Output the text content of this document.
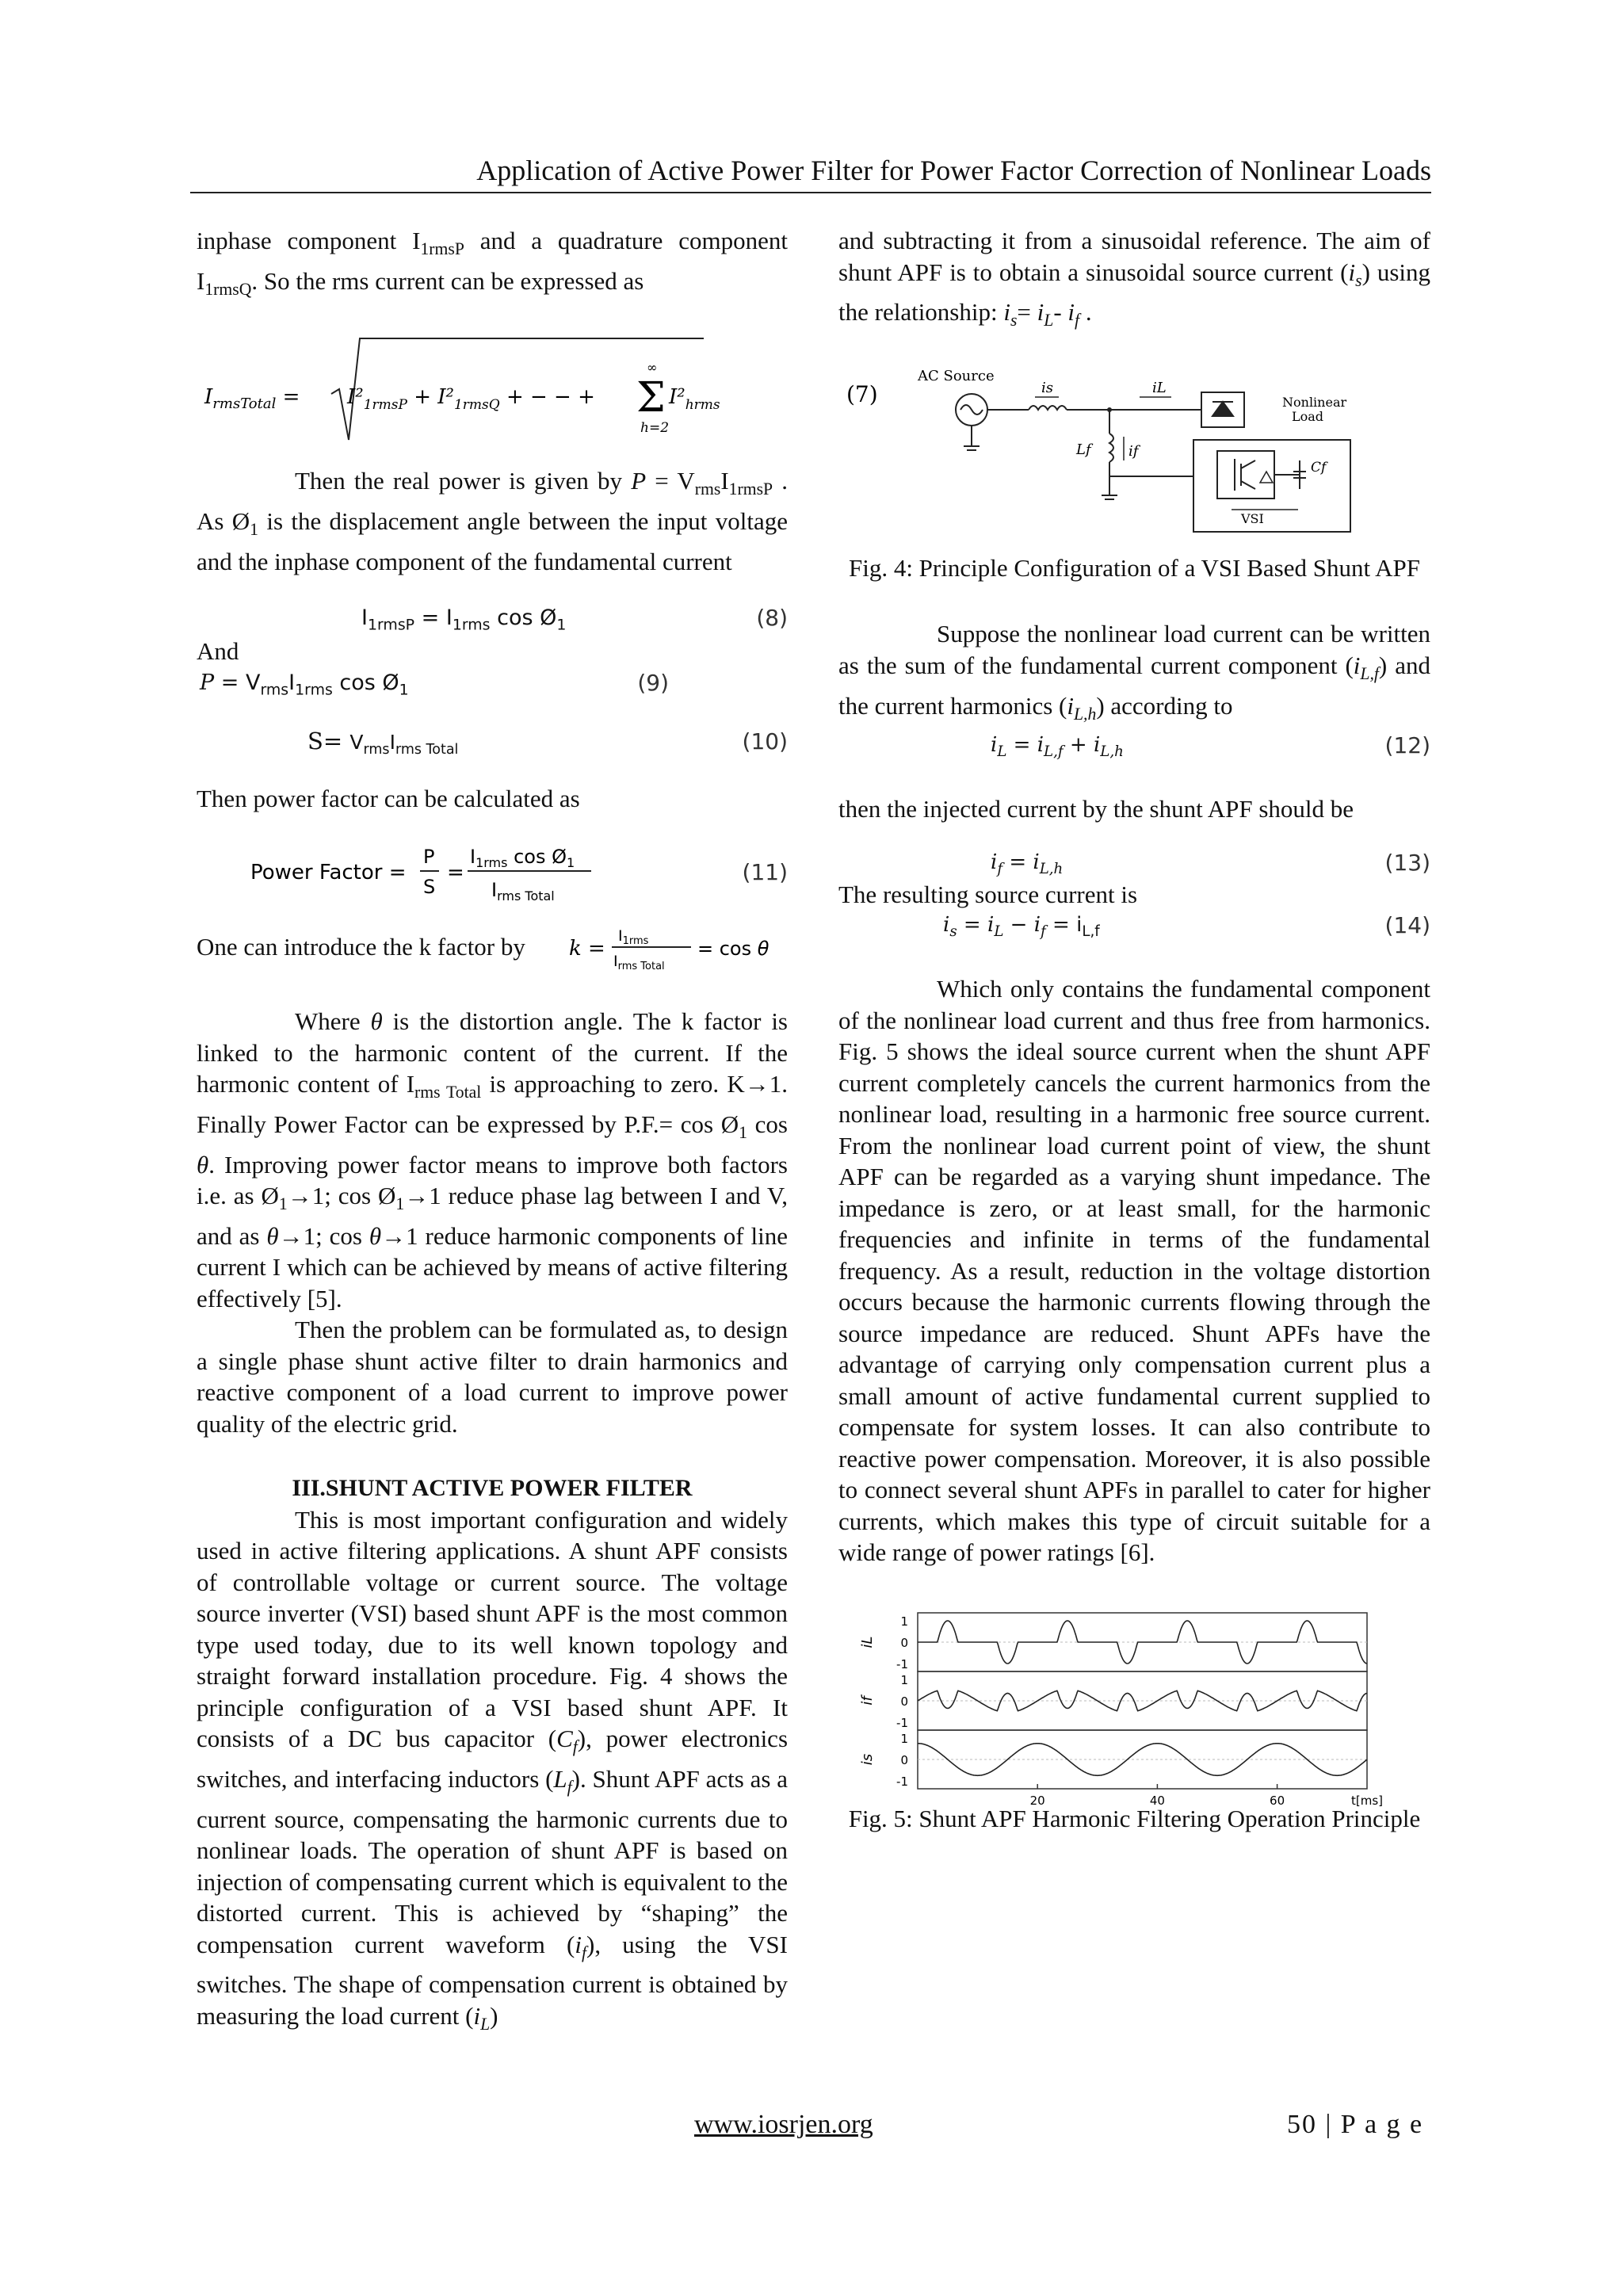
Application of Active Power Filter for Power Factor Correction of Nonlinear Loads

inphase component $I_{1rmsP}$ and a quadrature component $I_{1rmsQ}$. So the rms current can be expressed as

$I_{rmsTotal} = I^2_{1rmsP} + I^2_{1rmsQ}$ + − − + Σ
∞
h=2
$I^2_{hrms}$

Then the real power is given by $P = V_{rms}I_{1rmsP}$ . As $Ø_1$ is the displacement angle between the input voltage and the inphase component of the fundamental current

$I_{1rmsP} = I_{1rms}$ $\cos Ø_1$	(8)

And

$P = V_{rms}I_{1rms}$ $\cos Ø_1$	(9)
$S= V_{rms}I_{rms Total}$	(10)

Then power factor can be calculated as

Power Factor =
P
S
=
$I_{1rms}$ $\cos Ø_1$
$I_{rms Total}$
(11)
One can introduce the k factor by k =
$I_{1rms}$
$I_{rms Total}$
= cos θ

Where θ is the distortion angle. The k factor is linked to the harmonic content of the current. If the harmonic content of $I_{rms Total}$ is approaching to zero. K→1. Finally Power Factor can be expressed by $P.F.= \cos Ø_1$ cos θ. Improving power factor means to improve both factors i.e. as $Ø_1\to 1$; $\cos Ø_1\to 1$ reduce phase lag between I and V, and as θ→1; cos θ→1 reduce harmonic components of line current I which can be achieved by means of active filtering effectively [5].

Then the problem can be formulated as, to design a single phase shunt active filter to drain harmonics and reactive component of a load current to improve power quality of the electric grid.

III.SHUNT ACTIVE POWER FILTER

This is most important configuration and widely used in active filtering applications. A shunt APF consists of controllable voltage or current source. The voltage source inverter (VSI) based shunt APF is the most common type used today, due to its well known topology and straight forward installation procedure. Fig. 4 shows the principle configuration of a VSI based shunt APF. It consists of a DC bus capacitor $(C_f)$, power electronics switches, and interfacing inductors $(L_f)$. Shunt APF acts as a current source, compensating the harmonic currents due to nonlinear loads. The operation of shunt APF is based on injection of compensating current which is equivalent to the distorted current. This is achieved by “shaping” the compensation current waveform $(i_f)$, using the VSI switches. The shape of compensation current is obtained by measuring the load current $(i_L)$

and subtracting it from a sinusoidal reference. The aim of shunt APF is to obtain a sinusoidal source current $(i_s)$ using the relationship: $i_s= i_L-$ $i_f$ .

(7)
AC Source
is	iL
Nonlinear
Load
Lf	if
Cf
VSI

Fig. 4: Principle Configuration of a VSI Based Shunt APF

Suppose the nonlinear load current can be written as the sum of the fundamental current component $(i_{L,f})$ and the current harmonics $(i_{L,h})$ according to

$i_L = i_{L,f} + i_{L,h}$	(12)

then the injected current by the shunt APF should be

$i_f = i_{L,h}$	(13)

The resulting source current is

$i_s = i_L - i_f = i_{L,f}$	(14)

Which only contains the fundamental component of the nonlinear load current and thus free from harmonics. Fig. 5 shows the ideal source current when the shunt APF current completely cancels the current harmonics from the nonlinear load, resulting in a harmonic free source current. From the nonlinear load current point of view, the shunt APF can be regarded as a varying shunt impedance. The impedance is zero, or at least small, for the harmonic frequencies and infinite in terms of the fundamental frequency. As a result, reduction in the voltage distortion occurs because the harmonic currents flowing through the source impedance are reduced. Shunt APFs have the advantage of carrying only compensation current plus a small amount of active fundamental current supplied to compensate for system losses. It can also contribute to reactive power compensation. Moreover, it is also possible to connect several shunt APFs in parallel to cater for higher currents, which makes this type of circuit suitable for a wide range of power ratings [6].

iL
1
0
-1
if
1
0
-1
is
1
0
-1
20	40	60	t[ms]

Fig. 5: Shunt APF Harmonic Filtering Operation Principle

www.iosrjen.org	50 | P a g e
